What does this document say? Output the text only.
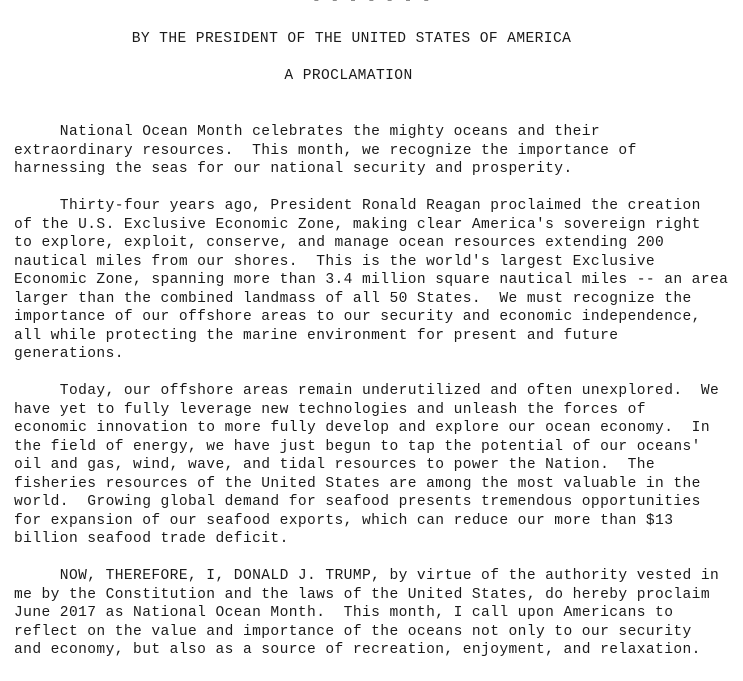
- - - - - - -

BY THE PRESIDENT OF THE UNITED STATES OF AMERICA

A PROCLAMATION

National Ocean Month celebrates the mighty oceans and their
extraordinary resources.  This month, we recognize the importance of
harnessing the seas for our national security and prosperity.

Thirty-four years ago, President Ronald Reagan proclaimed the creation
of the U.S. Exclusive Economic Zone, making clear America's sovereign right
to explore, exploit, conserve, and manage ocean resources extending 200
nautical miles from our shores.  This is the world's largest Exclusive
Economic Zone, spanning more than 3.4 million square nautical miles -- an area
larger than the combined landmass of all 50 States.  We must recognize the
importance of our offshore areas to our security and economic independence,
all while protecting the marine environment for present and future
generations.

Today, our offshore areas remain underutilized and often unexplored.  We
have yet to fully leverage new technologies and unleash the forces of
economic innovation to more fully develop and explore our ocean economy.  In
the field of energy, we have just begun to tap the potential of our oceans'
oil and gas, wind, wave, and tidal resources to power the Nation.  The
fisheries resources of the United States are among the most valuable in the
world.  Growing global demand for seafood presents tremendous opportunities
for expansion of our seafood exports, which can reduce our more than $13
billion seafood trade deficit.

NOW, THEREFORE, I, DONALD J. TRUMP, by virtue of the authority vested in
me by the Constitution and the laws of the United States, do hereby proclaim
June 2017 as National Ocean Month.  This month, I call upon Americans to
reflect on the value and importance of the oceans not only to our security
and economy, but also as a source of recreation, enjoyment, and relaxation.
